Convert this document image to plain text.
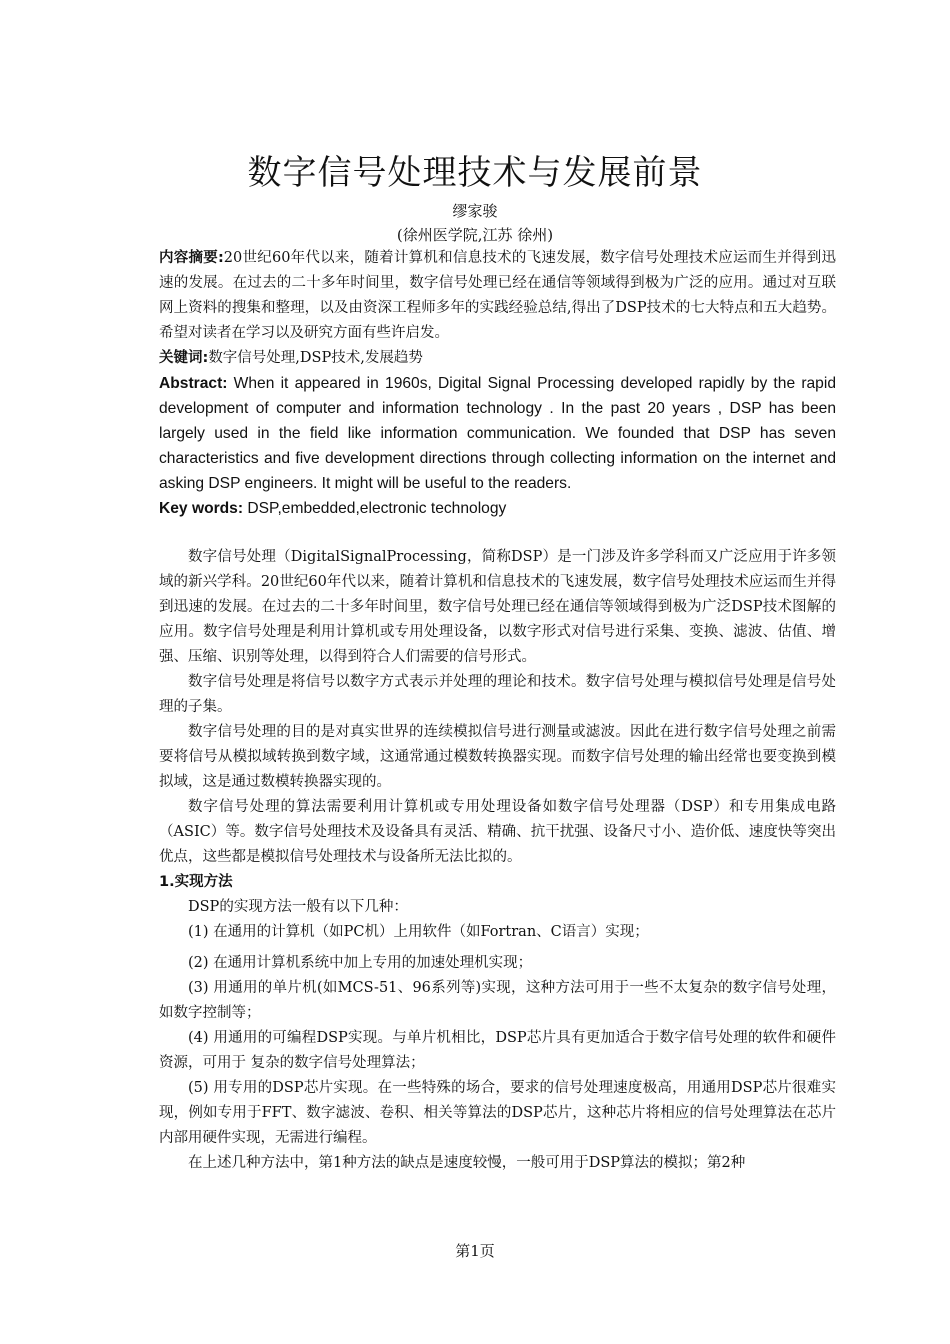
数字信号处理技术与发展前景
缪家骏
(徐州医学院,江苏 徐州)
内容摘要:20世纪60年代以来，随着计算机和信息技术的飞速发展，数字信号处理技术应运而生并得到迅速的发展。在过去的二十多年时间里，数字信号处理已经在通信等领域得到极为广泛的应用。通过对互联网上资料的搜集和整理，以及由资深工程师多年的实践经验总结,得出了DSP技术的七大特点和五大趋势。希望对读者在学习以及研究方面有些许启发。
关键词:数字信号处理,DSP技术,发展趋势
Abstract: When it appeared in 1960s, Digital Signal Processing developed rapidly by the rapid development of computer and information technology . In the past 20 years , DSP has been largely used in the field like information communication. We founded that DSP has seven characteristics and five development directions through collecting information on the internet and asking DSP engineers. It might will be useful to the readers.
Key words: DSP,embedded,electronic technology

数字信号处理（DigitalSignalProcessing，简称DSP）是一门涉及许多学科而又广泛应用于许多领域的新兴学科。20世纪60年代以来，随着计算机和信息技术的飞速发展，数字信号处理技术应运而生并得到迅速的发展。在过去的二十多年时间里，数字信号处理已经在通信等领域得到极为广泛DSP技术图解的应用。数字信号处理是利用计算机或专用处理设备，以数字形式对信号进行采集、变换、滤波、估值、增强、压缩、识别等处理，以得到符合人们需要的信号形式。

数字信号处理是将信号以数字方式表示并处理的理论和技术。数字信号处理与模拟信号处理是信号处理的子集。

数字信号处理的目的是对真实世界的连续模拟信号进行测量或滤波。因此在进行数字信号处理之前需要将信号从模拟域转换到数字域，这通常通过模数转换器实现。而数字信号处理的输出经常也要变换到模拟域，这是通过数模转换器实现的。

数字信号处理的算法需要利用计算机或专用处理设备如数字信号处理器（DSP）和专用集成电路（ASIC）等。数字信号处理技术及设备具有灵活、精确、抗干扰强、设备尺寸小、造价低、速度快等突出优点，这些都是模拟信号处理技术与设备所无法比拟的。

1.实现方法

DSP的实现方法一般有以下几种：

(1) 在通用的计算机（如PC机）上用软件（如Fortran、C语言）实现；

(2) 在通用计算机系统中加上专用的加速处理机实现；

(3) 用通用的单片机(如MCS-51、96系列等)实现，这种方法可用于一些不太复杂的数字信号处理，如数字控制等；

(4) 用通用的可编程DSP实现。与单片机相比，DSP芯片具有更加适合于数字信号处理的软件和硬件资源，可用于 复杂的数字信号处理算法；

(5) 用专用的DSP芯片实现。在一些特殊的场合，要求的信号处理速度极高，用通用DSP芯片很难实现，例如专用于FFT、数字滤波、卷积、相关等算法的DSP芯片，这种芯片将相应的信号处理算法在芯片内部用硬件实现，无需进行编程。

在上述几种方法中，第1种方法的缺点是速度较慢，一般可用于DSP算法的模拟；第2种

第1页
